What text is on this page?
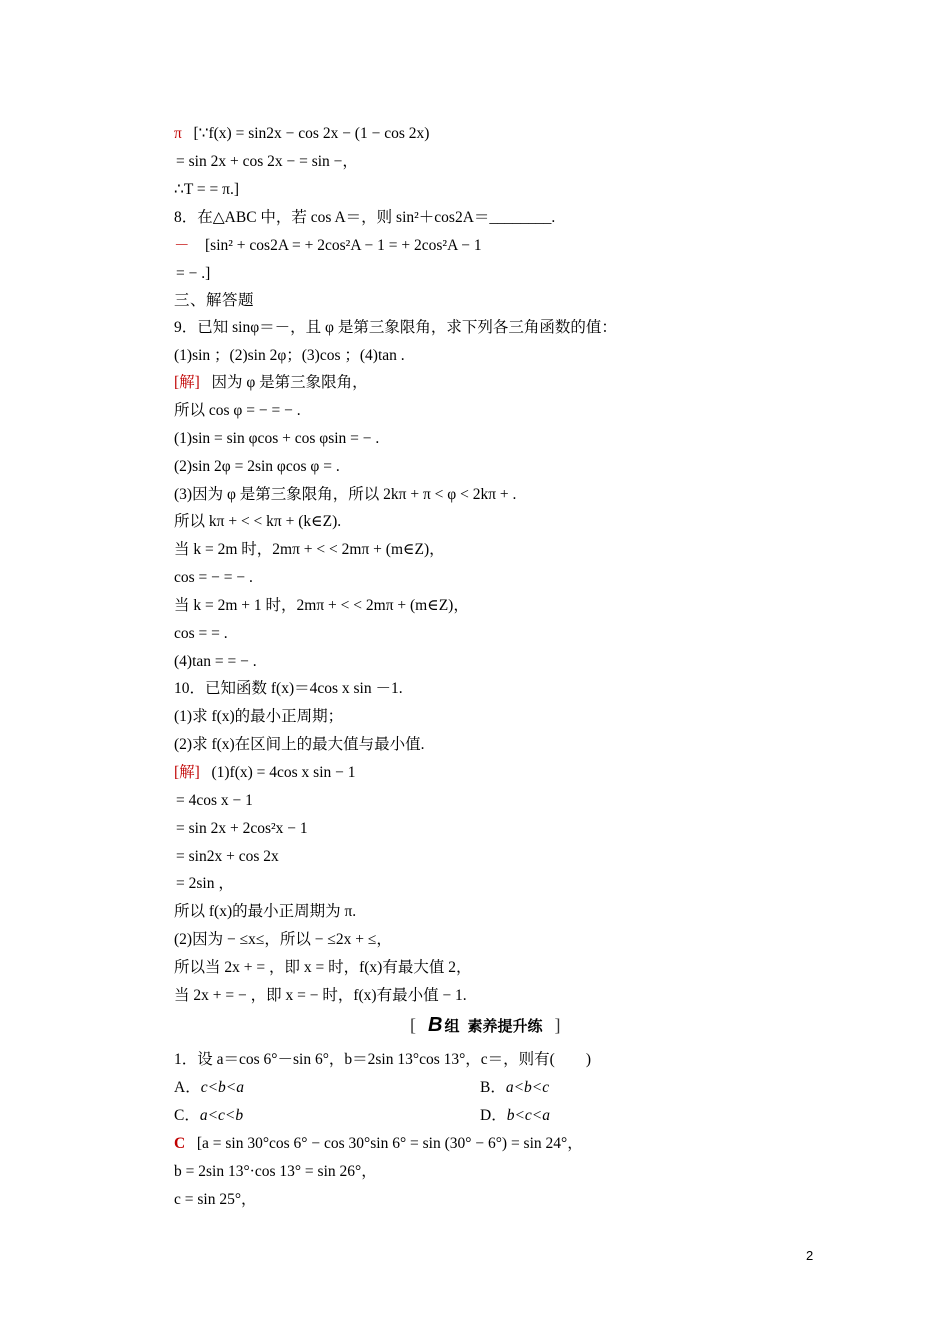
π [∵f(x) = sin2x − cos 2x − (1 − cos 2x)
= sin 2x + cos 2x − = sin −，
∴T = = π.]
8．在△ABC 中，若 cos A＝，则 sin²＋cos2A＝________.
－ [sin² + cos2A = + 2cos²A − 1 = + 2cos²A − 1
= − .]
三、解答题
9．已知 sinφ＝－，且 φ 是第三象限角，求下列各三角函数的值：
(1)sin ；(2)sin 2φ；(3)cos ；(4)tan .
[解] 因为 φ 是第三象限角，
所以 cos φ = − = − .
(1)sin = sin φcos + cos φsin = − .
(2)sin 2φ = 2sin φcos φ = .
(3)因为 φ 是第三象限角，所以 2kπ + π < φ < 2kπ + .
所以 kπ + < < kπ + (k∈Z).
当 k = 2m 时，2mπ + < < 2mπ + (m∈Z)，
cos = − = − .
当 k = 2m + 1 时，2mπ + < < 2mπ + (m∈Z)，
cos = = .
(4)tan = = − .
10．已知函数 f(x)＝4cos x sin －1.
(1)求 f(x)的最小正周期；
(2)求 f(x)在区间上的最大值与最小值.
[解] (1)f(x) = 4cos x sin − 1
= 4cos x − 1
= sin 2x + 2cos²x − 1
= sin2x + cos 2x
= 2sin ，
所以 f(x)的最小正周期为 π.
(2)因为 − ≤x≤，所以 − ≤2x + ≤，
所以当 2x + = ，即 x = 时，f(x)有最大值 2，
当 2x + = − ，即 x = − 时，f(x)有最小值 − 1.
[ B 组 素养提升练 ]
1．设 a＝cos 6°－sin 6°，b＝2sin 13°cos 13°，c＝，则有(　　)
A．c<b<a	B．a<b<c
C．a<c<b	D．b<c<a
C [a = sin 30°cos 6° − cos 30°sin 6° = sin (30° − 6°) = sin 24°，
b = 2sin 13°·cos 13° = sin 26°，
c = sin 25°，
2
